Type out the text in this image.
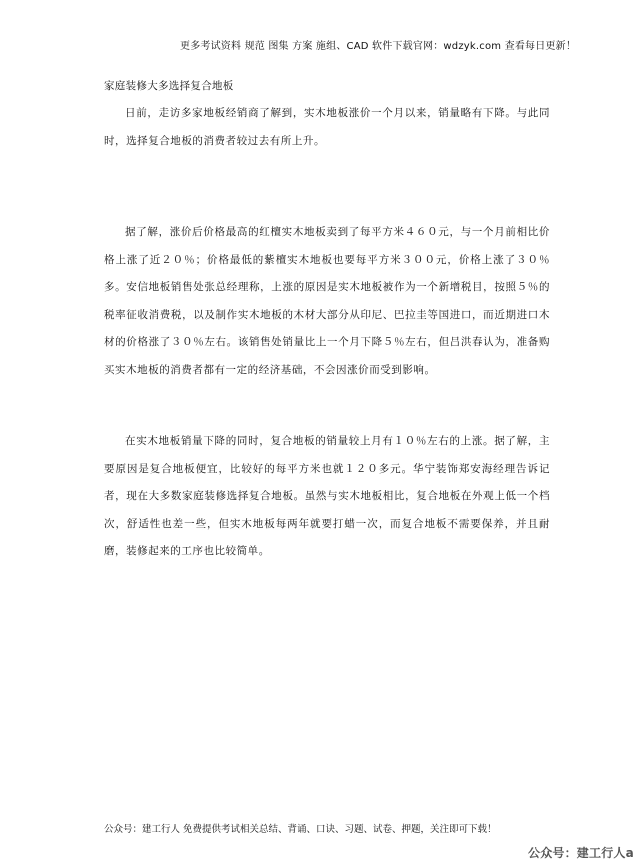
更多考试资料 规范 图集 方案 施组、CAD 软件下载官网：wdzyk.com 查看每日更新！
家庭装修大多选择复合地板

日前，走访多家地板经销商了解到，实木地板涨价一个月以来，销量略有下降。与此同时，选择复合地板的消费者较过去有所上升。

据了解，涨价后价格最高的红檀实木地板卖到了每平方米４６０元，与一个月前相比价格上涨了近２０％；价格最低的紫檀实木地板也要每平方米３００元，价格上涨了３０％多。安信地板销售处张总经理称，上涨的原因是实木地板被作为一个新增税目，按照５％的税率征收消费税，以及制作实木地板的木材大部分从印尼、巴拉圭等国进口，而近期进口木材的价格涨了３０％左右。该销售处销量比上一个月下降５％左右，但吕洪春认为，准备购买实木地板的消费者都有一定的经济基础，不会因涨价而受到影响。

在实木地板销量下降的同时，复合地板的销量较上月有１０％左右的上涨。据了解，主要原因是复合地板便宜，比较好的每平方米也就１２０多元。华宁装饰郑安海经理告诉记者，现在大多数家庭装修选择复合地板。虽然与实木地板相比，复合地板在外观上低一个档次，舒适性也差一些，但实木地板每两年就要打蜡一次，而复合地板不需要保养，并且耐磨，装修起来的工序也比较简单。

公众号：建工行人 免费提供考试相关总结、背诵、口诀、习题、试卷、押题，关注即可下载！
公众号：建工行人a
